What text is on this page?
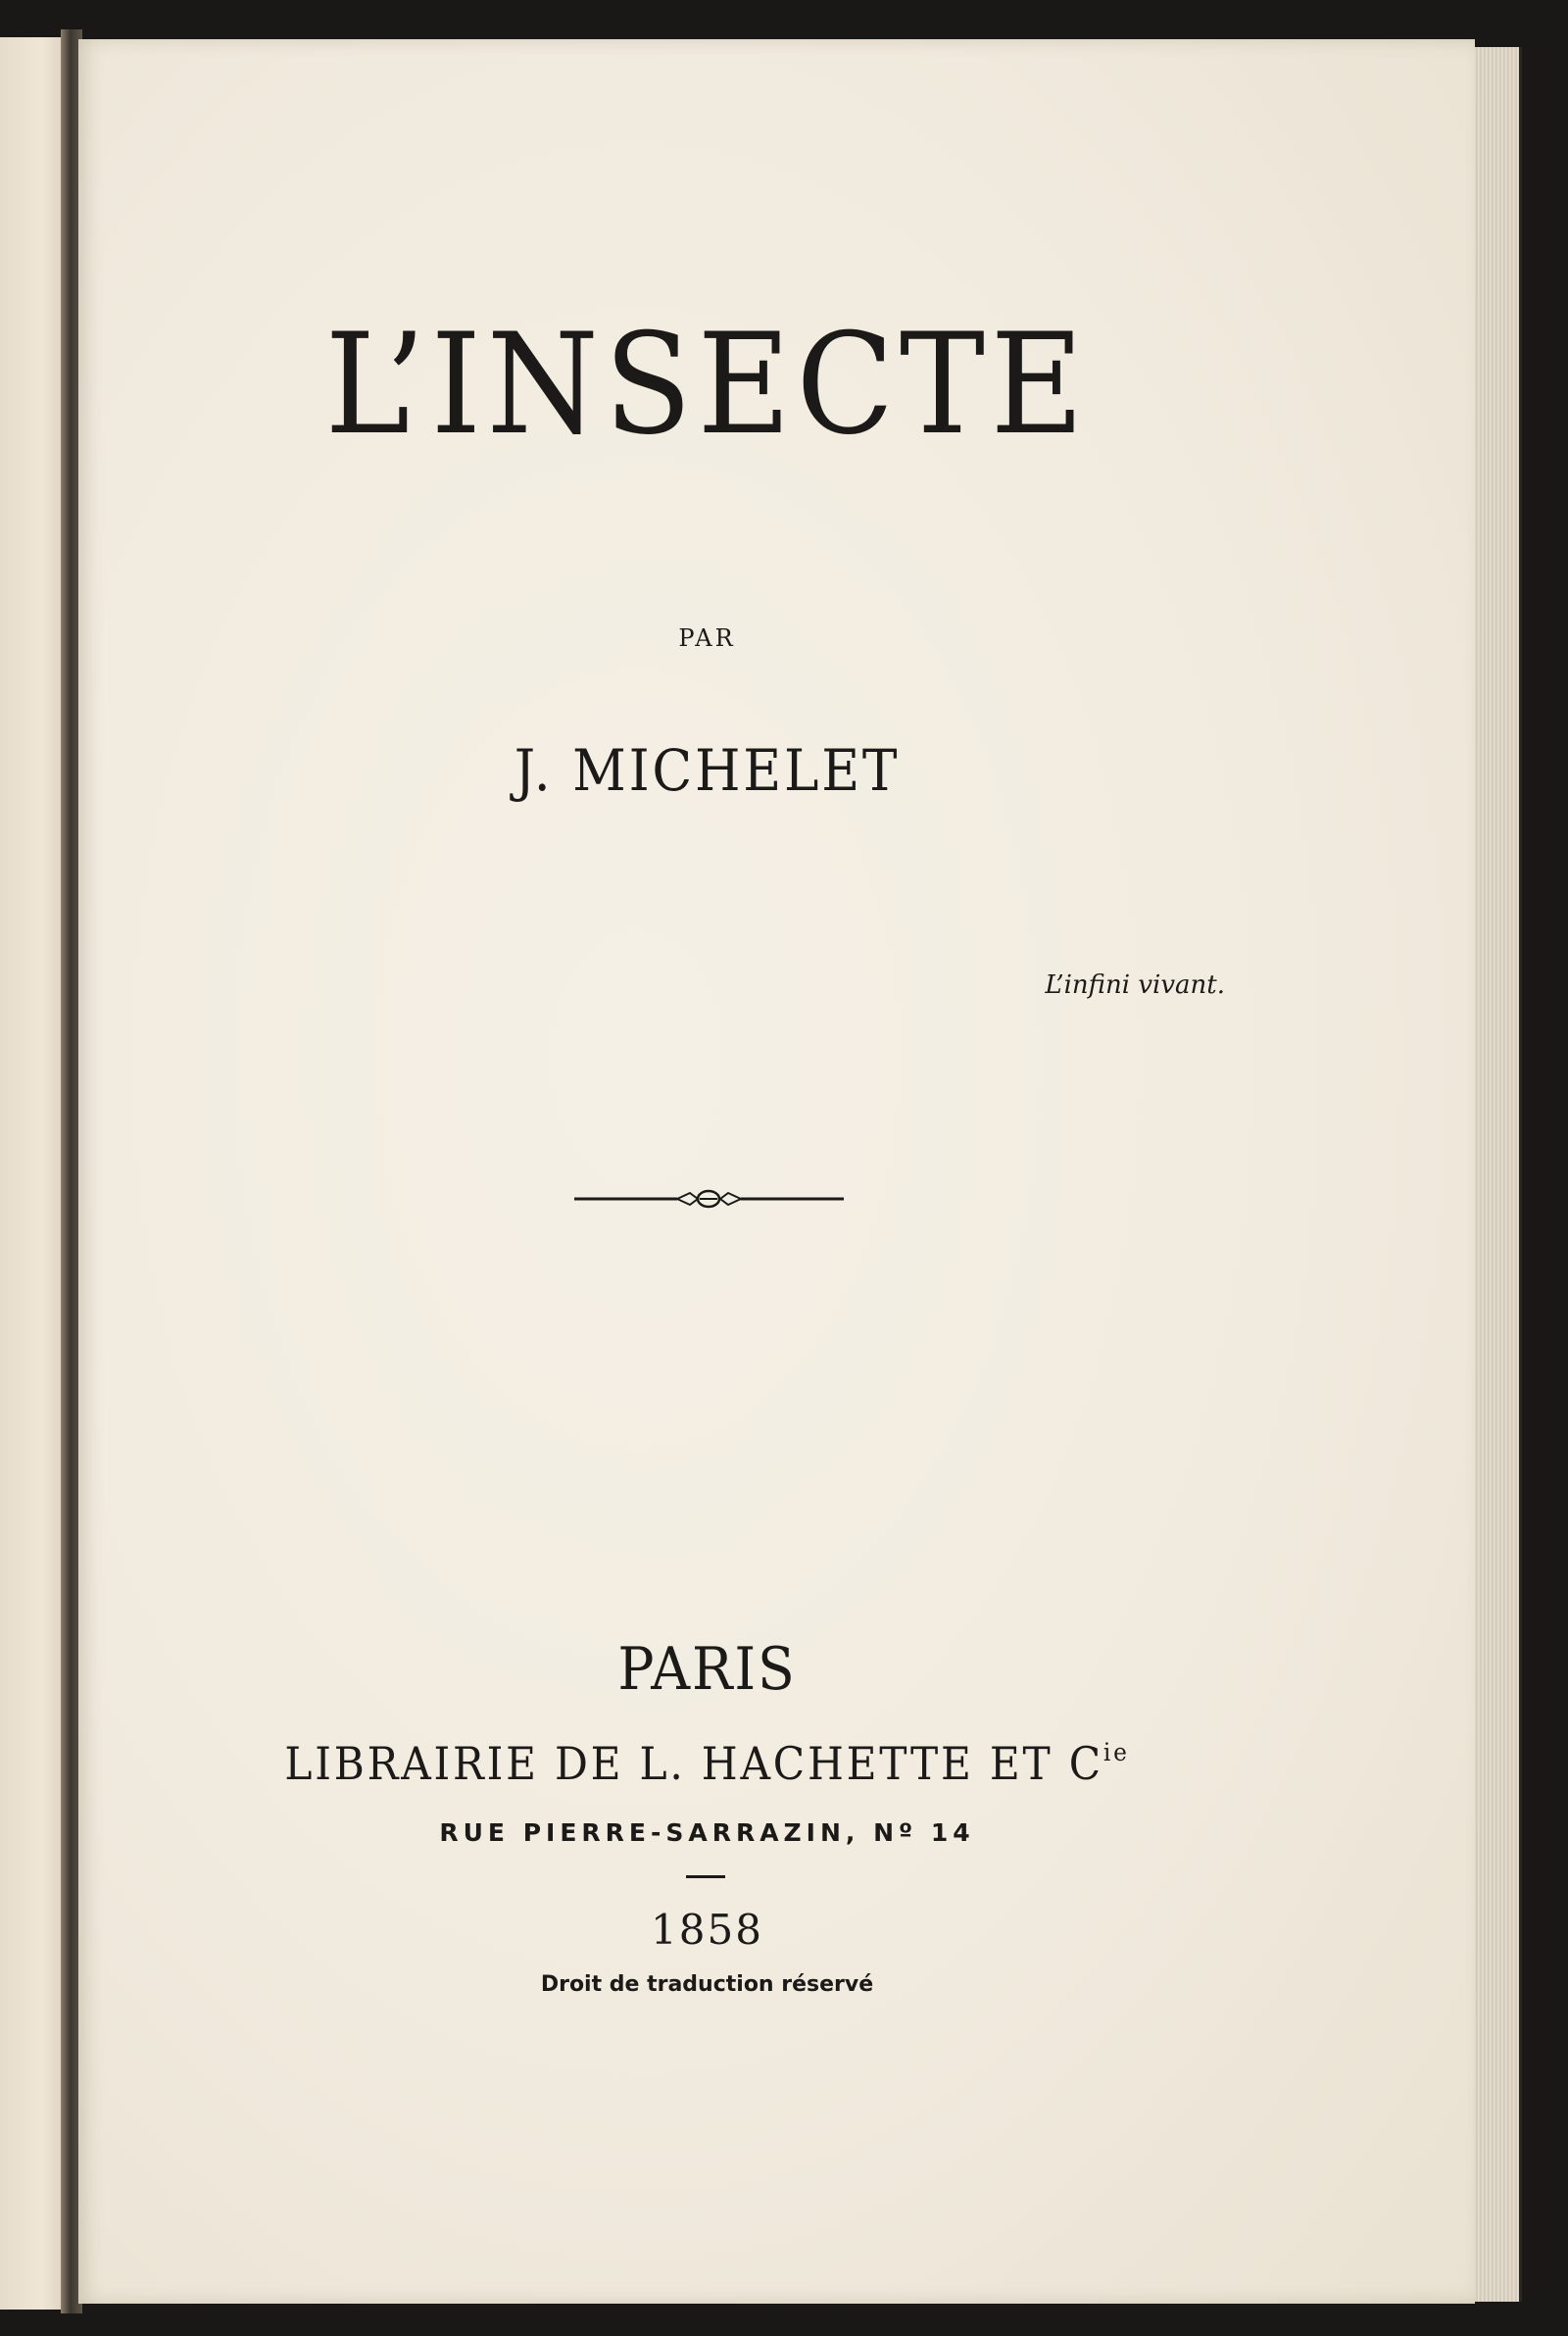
L’INSECTE
PAR
J. MICHELET
L’infini vivant.
PARIS
LIBRAIRIE DE L. HACHETTE ET $C^{ie}$
RUE PIERRE-SARRAZIN, Nº 14
1858
Droit de traduction réservé
